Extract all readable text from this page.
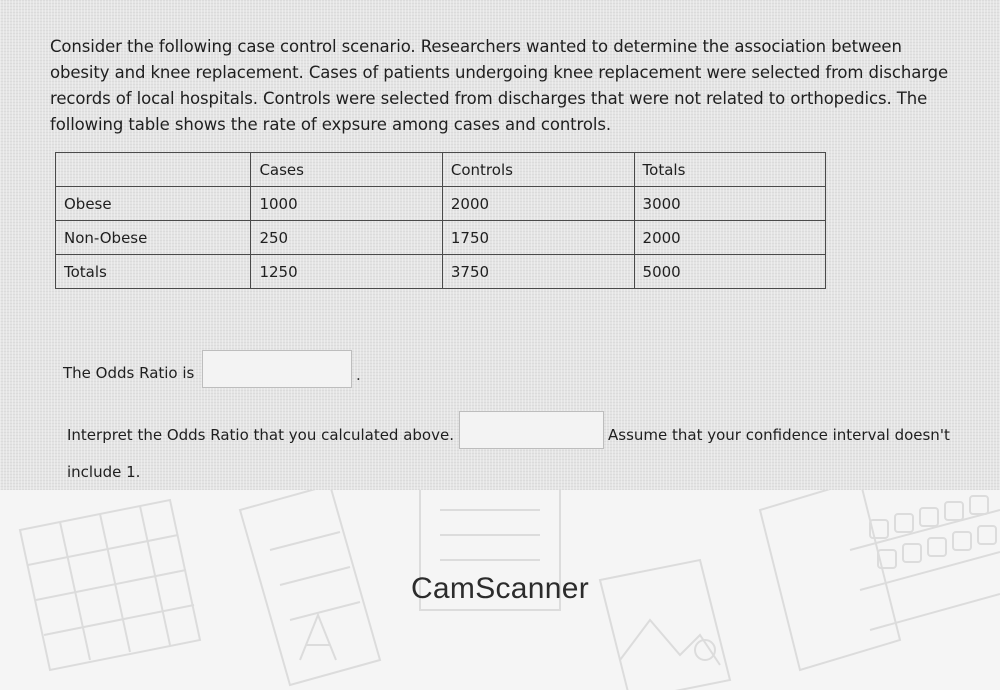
Consider the following case control scenario. Researchers wanted to determine the association between obesity and knee replacement. Cases of patients undergoing knee replacement were selected from discharge records of local hospitals. Controls were selected from discharges that were not related to orthopedics. The following table shows the rate of expsure among cases and controls.
	Cases	Controls	Totals
Obese	1000	2000	3000
Non-Obese	250	1750	2000
Totals	1250	3750	5000
The Odds Ratio is	.
Interpret the Odds Ratio that you calculated above.	Assume that your confidence interval doesn't
include 1.
CamScanner
